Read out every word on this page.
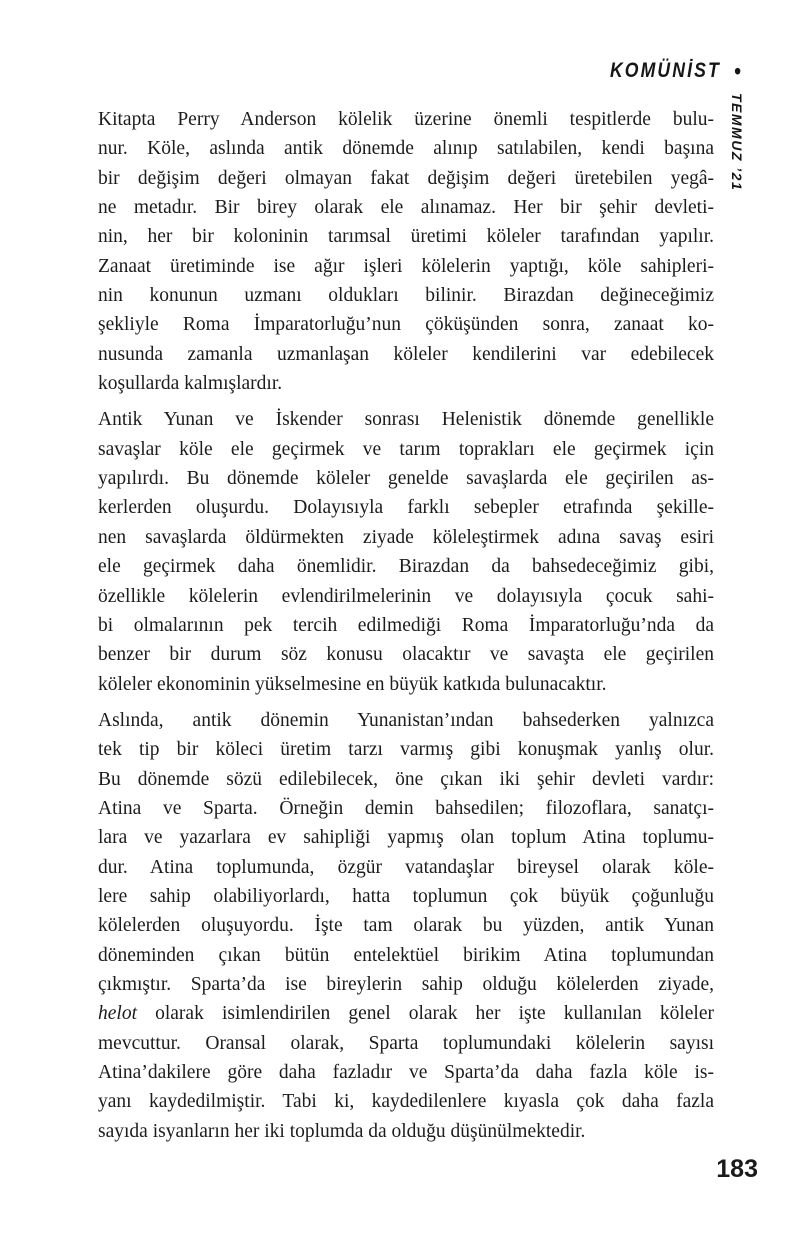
KOMÜNİST •
TEMMUZ ’21
Kitapta Perry Anderson kölelik üzerine önemli tespitlerde bulu-
nur. Köle, aslında antik dönemde alınıp satılabilen, kendi başına
bir değişim değeri olmayan fakat değişim değeri üretebilen yegâ-
ne metadır. Bir birey olarak ele alınamaz. Her bir şehir devleti-
nin, her bir koloninin tarımsal üretimi köleler tarafından yapılır.
Zanaat üretiminde ise ağır işleri kölelerin yaptığı, köle sahipleri-
nin konunun uzmanı oldukları bilinir. Birazdan değineceğimiz
şekliyle Roma İmparatorluğu’nun çöküşünden sonra, zanaat ko-
nusunda zamanla uzmanlaşan köleler kendilerini var edebilecek
koşullarda kalmışlardır.
Antik Yunan ve İskender sonrası Helenistik dönemde genellikle
savaşlar köle ele geçirmek ve tarım toprakları ele geçirmek için
yapılırdı. Bu dönemde köleler genelde savaşlarda ele geçirilen as-
kerlerden oluşurdu. Dolayısıyla farklı sebepler etrafında şekille-
nen savaşlarda öldürmekten ziyade köleleştirmek adına savaş esiri
ele geçirmek daha önemlidir. Birazdan da bahsedeceğimiz gibi,
özellikle kölelerin evlendirilmelerinin ve dolayısıyla çocuk sahi-
bi olmalarının pek tercih edilmediği Roma İmparatorluğu’nda da
benzer bir durum söz konusu olacaktır ve savaşta ele geçirilen
köleler ekonominin yükselmesine en büyük katkıda bulunacaktır.
Aslında, antik dönemin Yunanistan’ından bahsederken yalnızca
tek tip bir köleci üretim tarzı varmış gibi konuşmak yanlış olur.
Bu dönemde sözü edilebilecek, öne çıkan iki şehir devleti vardır:
Atina ve Sparta. Örneğin demin bahsedilen; filozoflara, sanatçı-
lara ve yazarlara ev sahipliği yapmış olan toplum Atina toplumu-
dur. Atina toplumunda, özgür vatandaşlar bireysel olarak köle-
lere sahip olabiliyorlardı, hatta toplumun çok büyük çoğunluğu
kölelerden oluşuyordu. İşte tam olarak bu yüzden, antik Yunan
döneminden çıkan bütün entelektüel birikim Atina toplumundan
çıkmıştır. Sparta’da ise bireylerin sahip olduğu kölelerden ziyade,
helot olarak isimlendirilen genel olarak her işte kullanılan köleler
mevcuttur. Oransal olarak, Sparta toplumundaki kölelerin sayısı
Atina’dakilere göre daha fazladır ve Sparta’da daha fazla köle is-
yanı kaydedilmiştir. Tabi ki, kaydedilenlere kıyasla çok daha fazla
sayıda isyanların her iki toplumda da olduğu düşünülmektedir.
183
